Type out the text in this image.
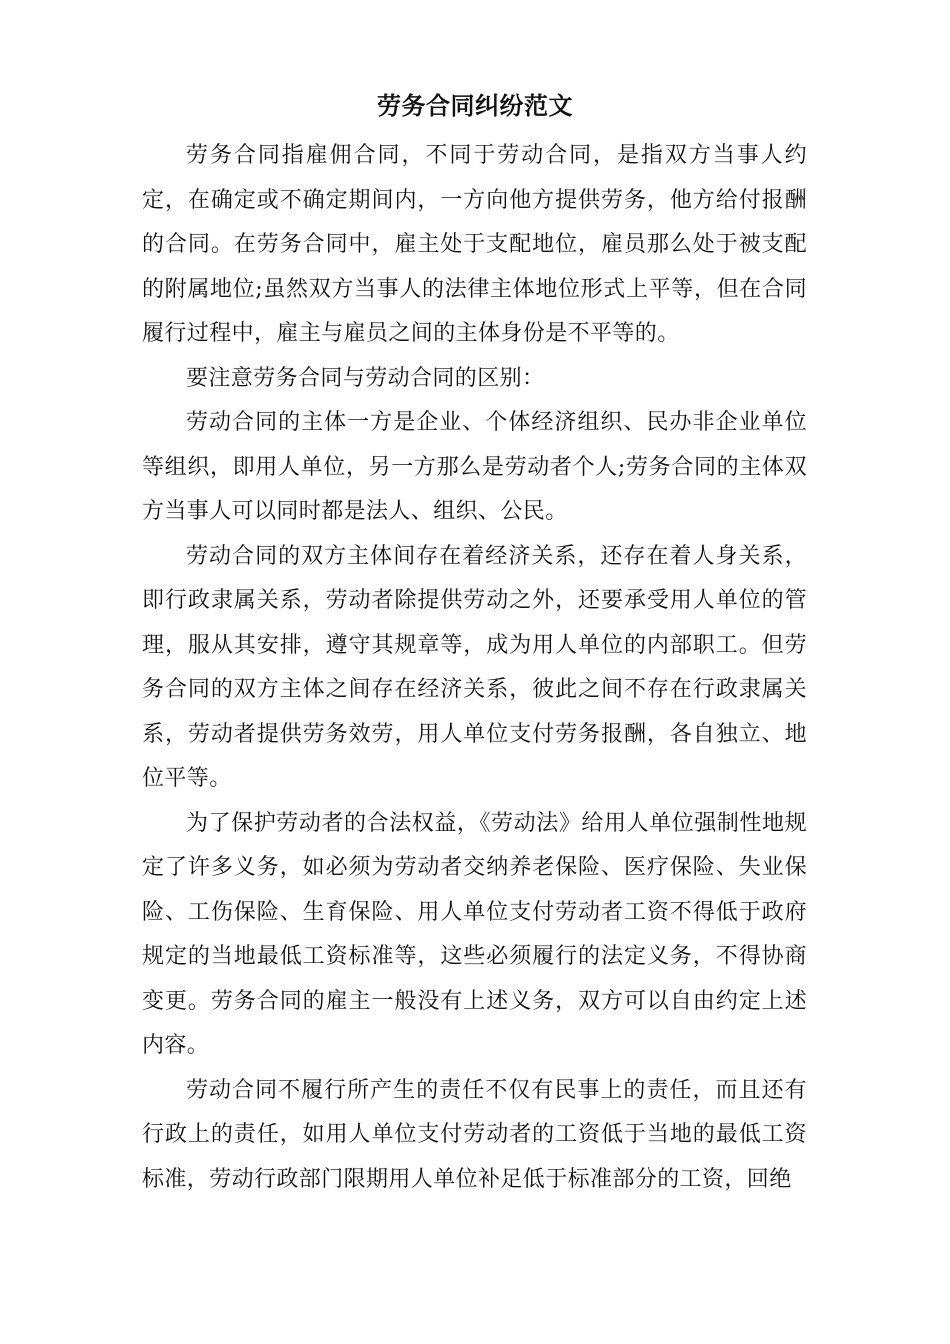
劳务合同纠纷范文

劳务合同指雇佣合同，不同于劳动合同，是指双方当事人约定，在确定或不确定期间内，一方向他方提供劳务，他方给付报酬的合同。在劳务合同中，雇主处于支配地位，雇员那么处于被支配的附属地位;虽然双方当事人的法律主体地位形式上平等，但在合同履行过程中，雇主与雇员之间的主体身份是不平等的。

要注意劳务合同与劳动合同的区别：

劳动合同的主体一方是企业、个体经济组织、民办非企业单位等组织，即用人单位，另一方那么是劳动者个人;劳务合同的主体双方当事人可以同时都是法人、组织、公民。

劳动合同的双方主体间存在着经济关系，还存在着人身关系，即行政隶属关系，劳动者除提供劳动之外，还要承受用人单位的管理，服从其安排，遵守其规章等，成为用人单位的内部职工。但劳务合同的双方主体之间存在经济关系，彼此之间不存在行政隶属关系，劳动者提供劳务效劳，用人单位支付劳务报酬，各自独立、地位平等。

为了保护劳动者的合法权益，《劳动法》给用人单位强制性地规定了许多义务，如必须为劳动者交纳养老保险、医疗保险、失业保险、工伤保险、生育保险、用人单位支付劳动者工资不得低于政府规定的当地最低工资标准等，这些必须履行的法定义务，不得协商变更。劳务合同的雇主一般没有上述义务，双方可以自由约定上述内容。

劳动合同不履行所产生的责任不仅有民事上的责任，而且还有行政上的责任，如用人单位支付劳动者的工资低于当地的最低工资标准，劳动行政部门限期用人单位补足低于标准部分的工资，回绝
